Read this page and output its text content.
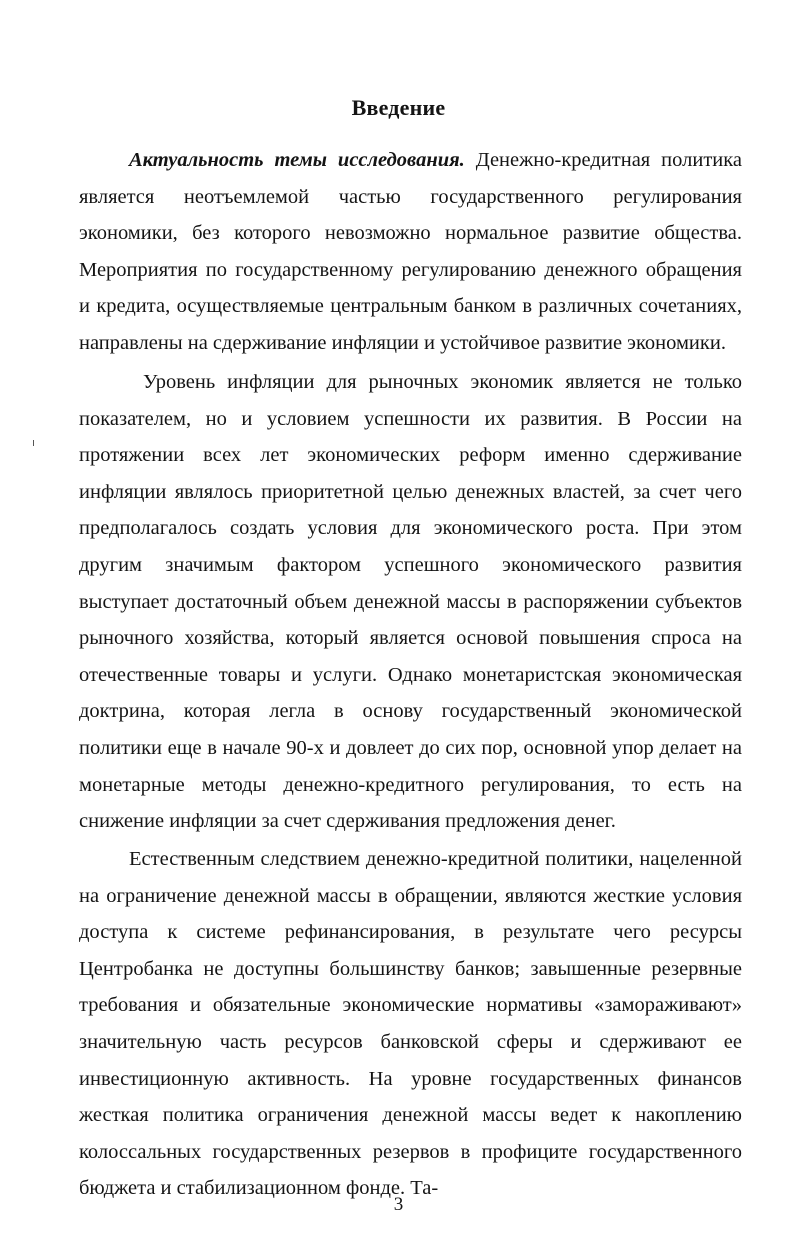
Введение

Актуальность темы исследования. Денежно-кредитная политика является неотъемлемой частью государственного регулирования экономики, без которого невозможно нормальное развитие общества. Мероприятия по государственному регулированию денежного обращения и кредита, осуществляемые центральным банком в различных сочетаниях, направлены на сдерживание инфляции и устойчивое развитие экономики.

Уровень инфляции для рыночных экономик является не только показателем, но и условием успешности их развития. В России на протяжении всех лет экономических реформ именно сдерживание инфляции являлось приоритетной целью денежных властей, за счет чего предполагалось создать условия для экономического роста. При этом другим значимым фактором успешного экономического развития выступает достаточный объем денежной массы в распоряжении субъектов рыночного хозяйства, который является основой повышения спроса на отечественные товары и услуги. Однако монетаристская экономическая доктрина, которая легла в основу государственный экономической политики еще в начале 90-х и довлеет до сих пор, основной упор делает на монетарные методы денежно-кредитного регулирования, то есть на снижение инфляции за счет сдерживания предложения денег.

Естественным следствием денежно-кредитной политики, нацеленной на ограничение денежной массы в обращении, являются жесткие условия доступа к системе рефинансирования, в результате чего ресурсы Центробанка не доступны большинству банков; завышенные резервные требования и обязательные экономические нормативы «замораживают» значительную часть ресурсов банковской сферы и сдерживают ее инвестиционную активность. На уровне государственных финансов жесткая политика ограничения денежной массы ведет к накоплению колоссальных государственных резервов в профиците государственного бюджета и стабилизационном фонде. Та-

3
